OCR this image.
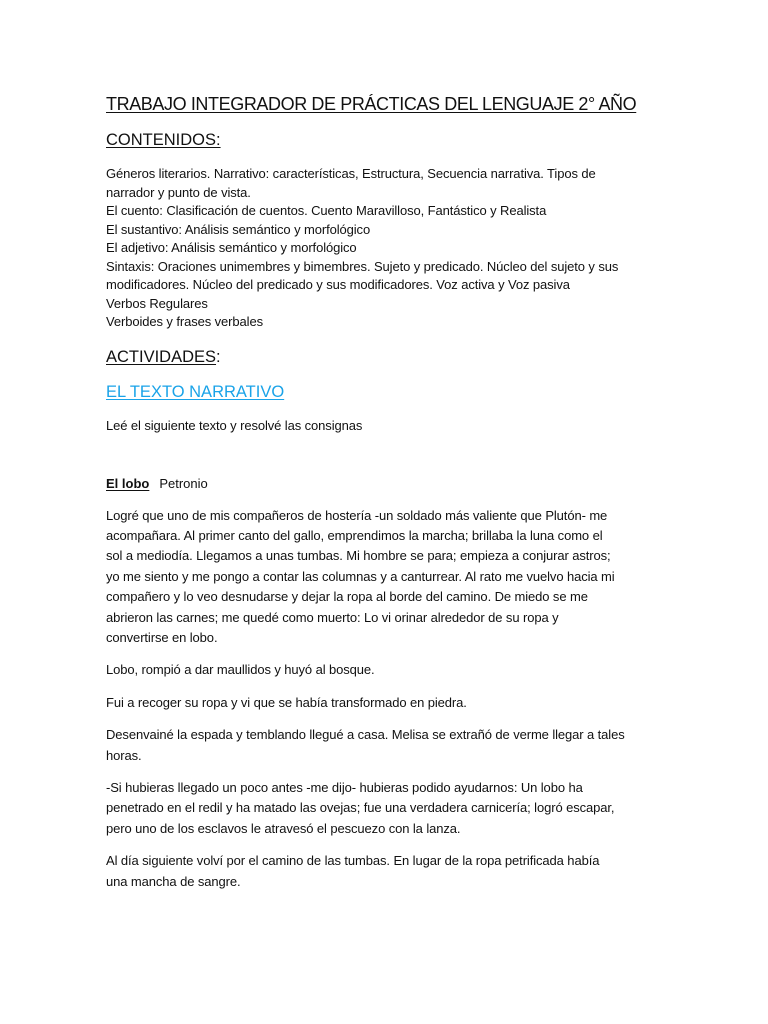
TRABAJO INTEGRADOR DE PRÁCTICAS DEL LENGUAJE 2° AÑO
CONTENIDOS:
Géneros literarios. Narrativo: características, Estructura, Secuencia narrativa. Tipos de
narrador y punto de vista.
El cuento: Clasificación de cuentos. Cuento Maravilloso, Fantástico y Realista
El sustantivo: Análisis semántico y morfológico
El adjetivo: Análisis semántico y morfológico
Sintaxis: Oraciones unimembres y bimembres. Sujeto y predicado. Núcleo del sujeto y sus
modificadores. Núcleo del predicado y sus modificadores. Voz activa y Voz pasiva
Verbos Regulares
Verboides y frases verbales
ACTIVIDADES:
EL TEXTO NARRATIVO
Leé el siguiente texto y resolvé las consignas
El lobo Petronio
Logré que uno de mis compañeros de hostería -un soldado más valiente que Plutón- me
acompañara. Al primer canto del gallo, emprendimos la marcha; brillaba la luna como el
sol a mediodía. Llegamos a unas tumbas. Mi hombre se para; empieza a conjurar astros;
yo me siento y me pongo a contar las columnas y a canturrear. Al rato me vuelvo hacia mi
compañero y lo veo desnudarse y dejar la ropa al borde del camino. De miedo se me
abrieron las carnes; me quedé como muerto: Lo vi orinar alrededor de su ropa y
convertirse en lobo.
Lobo, rompió a dar maullidos y huyó al bosque.
Fui a recoger su ropa y vi que se había transformado en piedra.
Desenvainé la espada y temblando llegué a casa. Melisa se extrañó de verme llegar a tales
horas.
-Si hubieras llegado un poco antes -me dijo- hubieras podido ayudarnos: Un lobo ha
penetrado en el redil y ha matado las ovejas; fue una verdadera carnicería; logró escapar,
pero uno de los esclavos le atravesó el pescuezo con la lanza.
Al día siguiente volví por el camino de las tumbas. En lugar de la ropa petrificada había
una mancha de sangre.
